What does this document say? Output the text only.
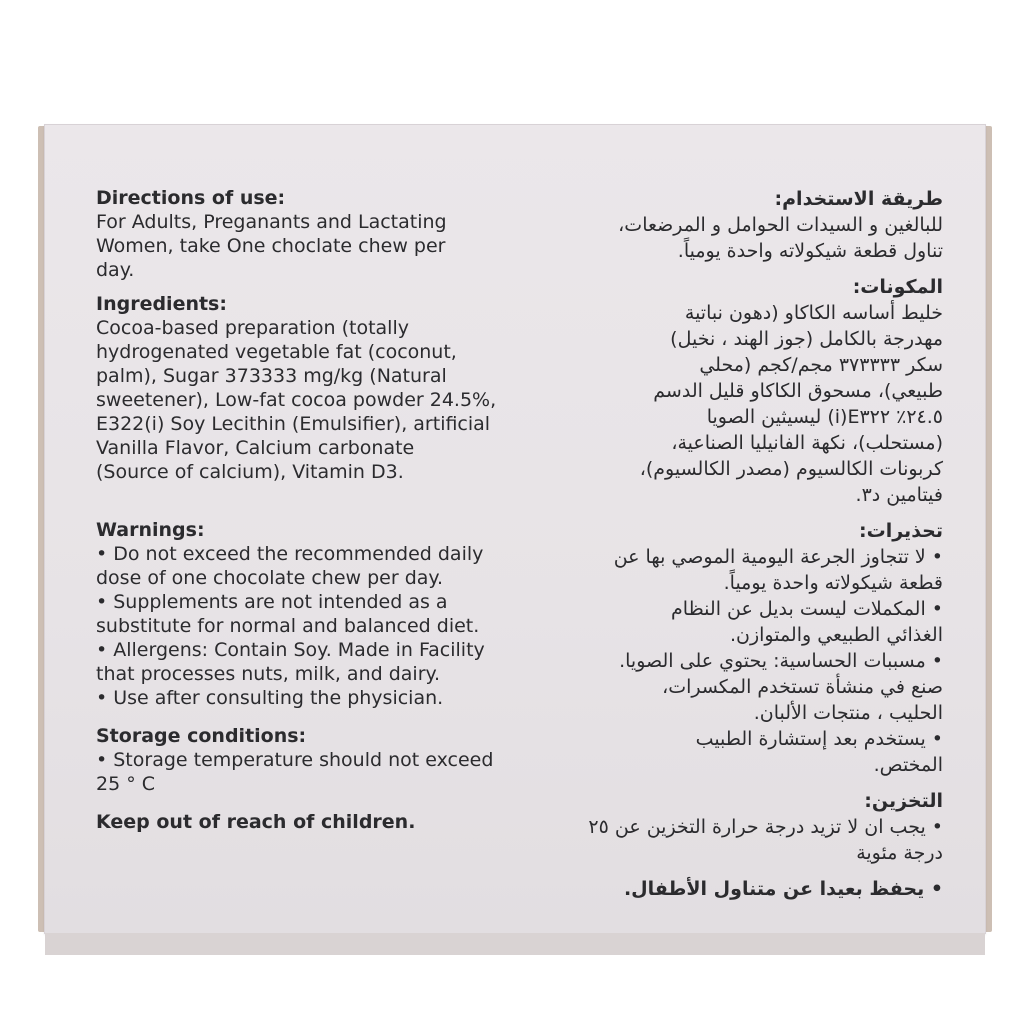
Directions of use:
For Adults, Preganants and Lactating
Women, take One choclate chew per
day.
Ingredients:
Cocoa-based preparation (totally
hydrogenated vegetable fat (coconut,
palm), Sugar 373333 mg/kg (Natural
sweetener), Low-fat cocoa powder 24.5%,
E322(i) Soy Lecithin (Emulsifier), artificial
Vanilla Flavor, Calcium carbonate
(Source of calcium), Vitamin D3.
Warnings:
• Do not exceed the recommended daily
dose of one chocolate chew per day.
• Supplements are not intended as a
substitute for normal and balanced diet.
• Allergens: Contain Soy. Made in Facility
that processes nuts, milk, and dairy.
• Use after consulting the physician.
Storage conditions:
• Storage temperature should not exceed
25 ° C
Keep out of reach of children.
طريقة الاستخدام:
للبالغين و السيدات الحوامل و المرضعات،
تناول قطعة شيكولاته واحدة يومياً.
المكونات:
خليط أساسه الكاكاو (دهون نباتية
مهدرجة بالكامل (جوز الهند ، نخيل)
سكر ٣٧٣٣٣٣ مجم/كجم (محلي
طبيعي)، مسحوق الكاكاو قليل الدسم
٢٤.٥٪ E٣٢٢(i) ليسيثين الصويا
(مستحلب)، نكهة الفانيليا الصناعية،
كربونات الكالسيوم (مصدر الكالسيوم)،
فيتامين د٣.
تحذيرات:
• لا تتجاوز الجرعة اليومية الموصي بها عن
قطعة شيكولاته واحدة يومياً.
• المكملات ليست بديل عن النظام
الغذائي الطبيعي والمتوازن.
• مسببات الحساسية: يحتوي على الصويا.
صنع في منشأة تستخدم المكسرات،
الحليب ، منتجات الألبان.
• يستخدم بعد إستشارة الطبيب
المختص.
التخزين:
• يجب ان لا تزيد درجة حرارة التخزين عن ٢٥
درجة مئوية
• يحفظ بعيدا عن متناول الأطفال.
